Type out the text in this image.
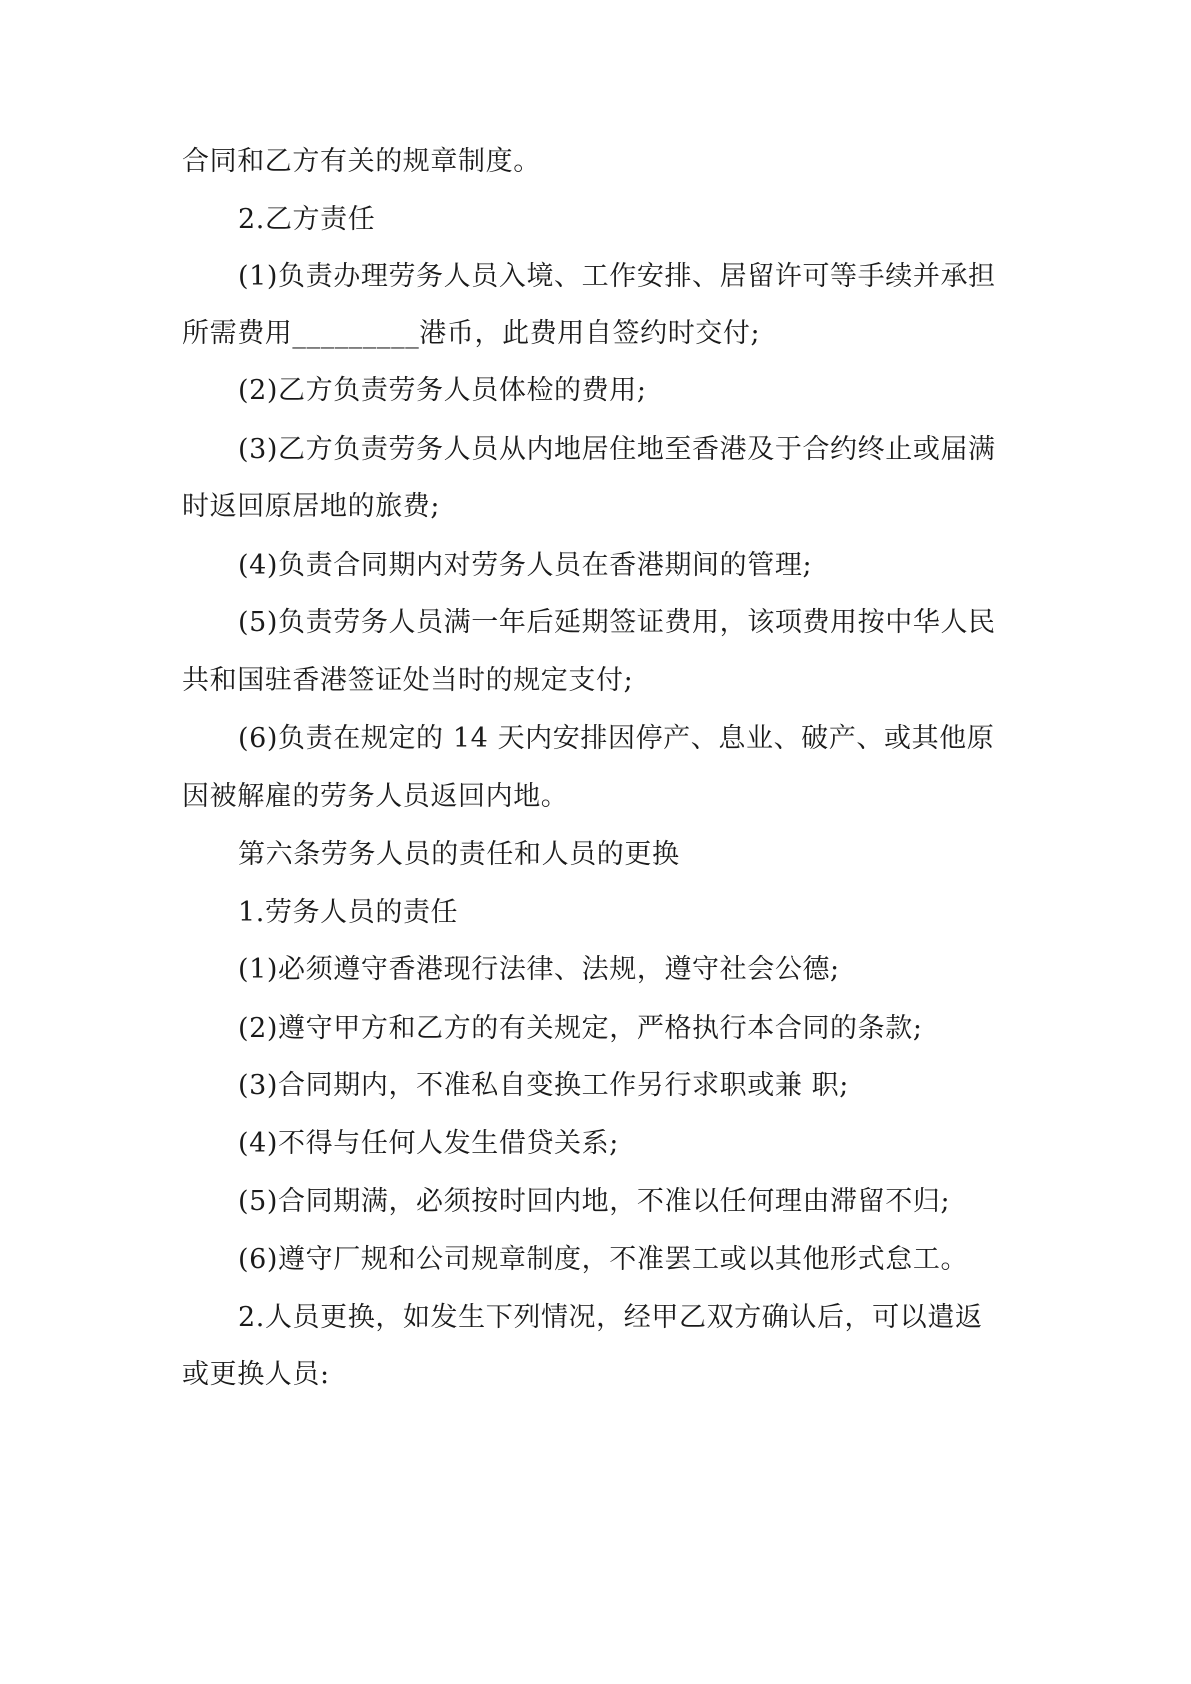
合同和乙方有关的规章制度。
2.乙方责任
(1)负责办理劳务人员入境、工作安排、居留许可等手续并承担
所需费用_________港币，此费用自签约时交付;
(2)乙方负责劳务人员体检的费用;
(3)乙方负责劳务人员从内地居住地至香港及于合约终止或届满
时返回原居地的旅费;
(4)负责合同期内对劳务人员在香港期间的管理;
(5)负责劳务人员满一年后延期签证费用，该项费用按中华人民
共和国驻香港签证处当时的规定支付;
(6)负责在规定的 14 天内安排因停产、息业、破产、或其他原
因被解雇的劳务人员返回内地。
第六条劳务人员的责任和人员的更换
1.劳务人员的责任
(1)必须遵守香港现行法律、法规，遵守社会公德;
(2)遵守甲方和乙方的有关规定，严格执行本合同的条款;
(3)合同期内，不准私自变换工作另行求职或兼 职;
(4)不得与任何人发生借贷关系;
(5)合同期满，必须按时回内地，不准以任何理由滞留不归;
(6)遵守厂规和公司规章制度，不准罢工或以其他形式怠工。
2.人员更换，如发生下列情况，经甲乙双方确认后，可以遣返
或更换人员:
